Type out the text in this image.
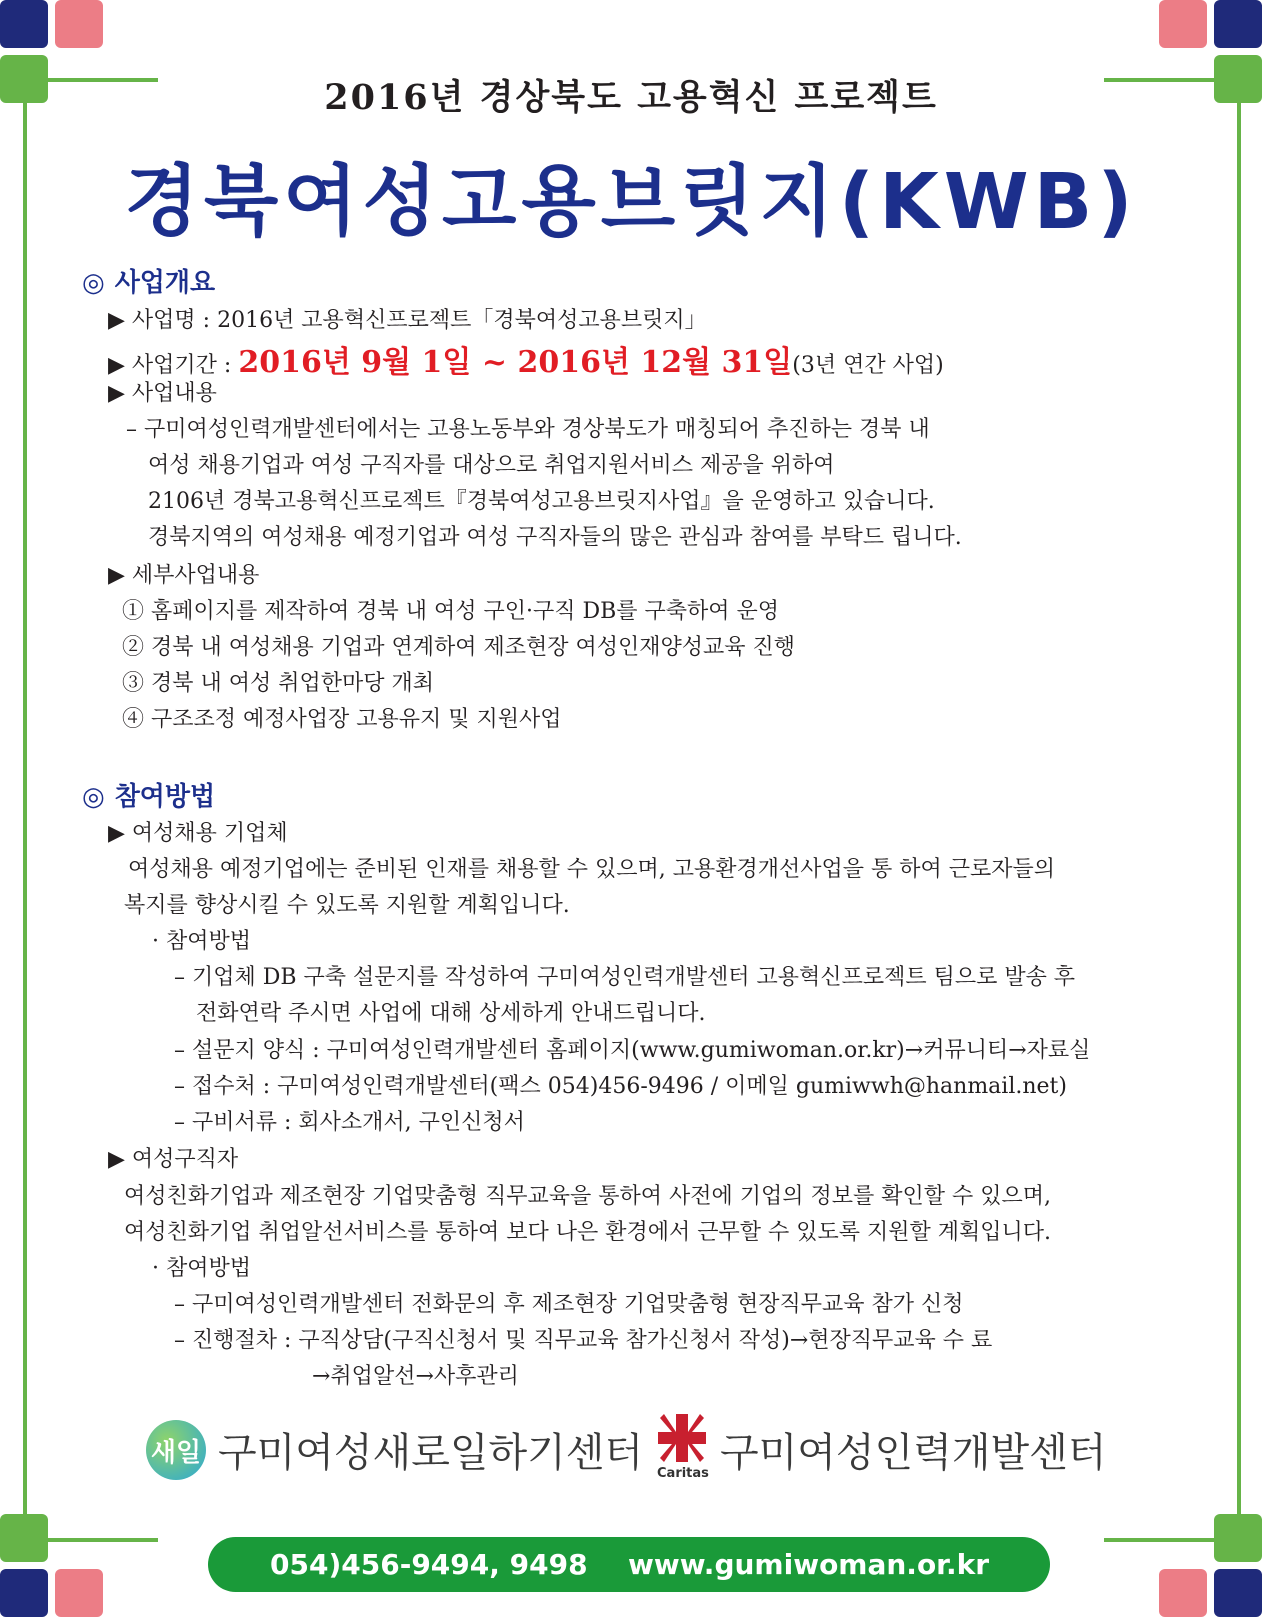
2016년 경상북도 고용혁신 프로젝트
경북여성고용브릿지(KWB)
◎ 사업개요
▶ 사업명 : 2016년 고용혁신프로젝트「경북여성고용브릿지」
▶ 사업기간 : 2016년 9월 1일 ~ 2016년 12월 31일(3년 연간 사업)
▶ 사업내용
– 구미여성인력개발센터에서는 고용노동부와 경상북도가 매칭되어 추진하는 경북 내
여성 채용기업과 여성 구직자를 대상으로 취업지원서비스 제공을 위하여
2106년 경북고용혁신프로젝트『경북여성고용브릿지사업』을 운영하고 있습니다.
경북지역의 여성채용 예정기업과 여성 구직자들의 많은 관심과 참여를 부탁드 립니다.
▶ 세부사업내용
① 홈페이지를 제작하여 경북 내 여성 구인·구직 DB를 구축하여 운영
② 경북 내 여성채용 기업과 연계하여 제조현장 여성인재양성교육 진행
③ 경북 내 여성 취업한마당 개최
④ 구조조정 예정사업장 고용유지 및 지원사업
◎ 참여방법
▶ 여성채용 기업체
여성채용 예정기업에는 준비된 인재를 채용할 수 있으며, 고용환경개선사업을 통 하여 근로자들의
복지를 향상시킬 수 있도록 지원할 계획입니다.
· 참여방법
– 기업체 DB 구축 설문지를 작성하여 구미여성인력개발센터 고용혁신프로젝트 팀으로 발송 후
전화연락 주시면 사업에 대해 상세하게 안내드립니다.
– 설문지 양식 : 구미여성인력개발센터 홈페이지(www.gumiwoman.or.kr)→커뮤니티→자료실
– 접수처 : 구미여성인력개발센터(팩스 054)456-9496 / 이메일 gumiwwh@hanmail.net)
– 구비서류 : 회사소개서, 구인신청서
▶ 여성구직자
여성친화기업과 제조현장 기업맞춤형 직무교육을 통하여 사전에 기업의 정보를 확인할 수 있으며,
여성친화기업 취업알선서비스를 통하여 보다 나은 환경에서 근무할 수 있도록 지원할 계획입니다.
· 참여방법
– 구미여성인력개발센터 전화문의 후 제조현장 기업맞춤형 현장직무교육 참가 신청
– 진행절차 : 구직상담(구직신청서 및 직무교육 참가신청서 작성)→현장직무교육 수 료
→취업알선→사후관리
새일 구미여성새로일하기센터 Caritas 구미여성인력개발센터
054)456-9494, 9498 www.gumiwoman.or.kr
